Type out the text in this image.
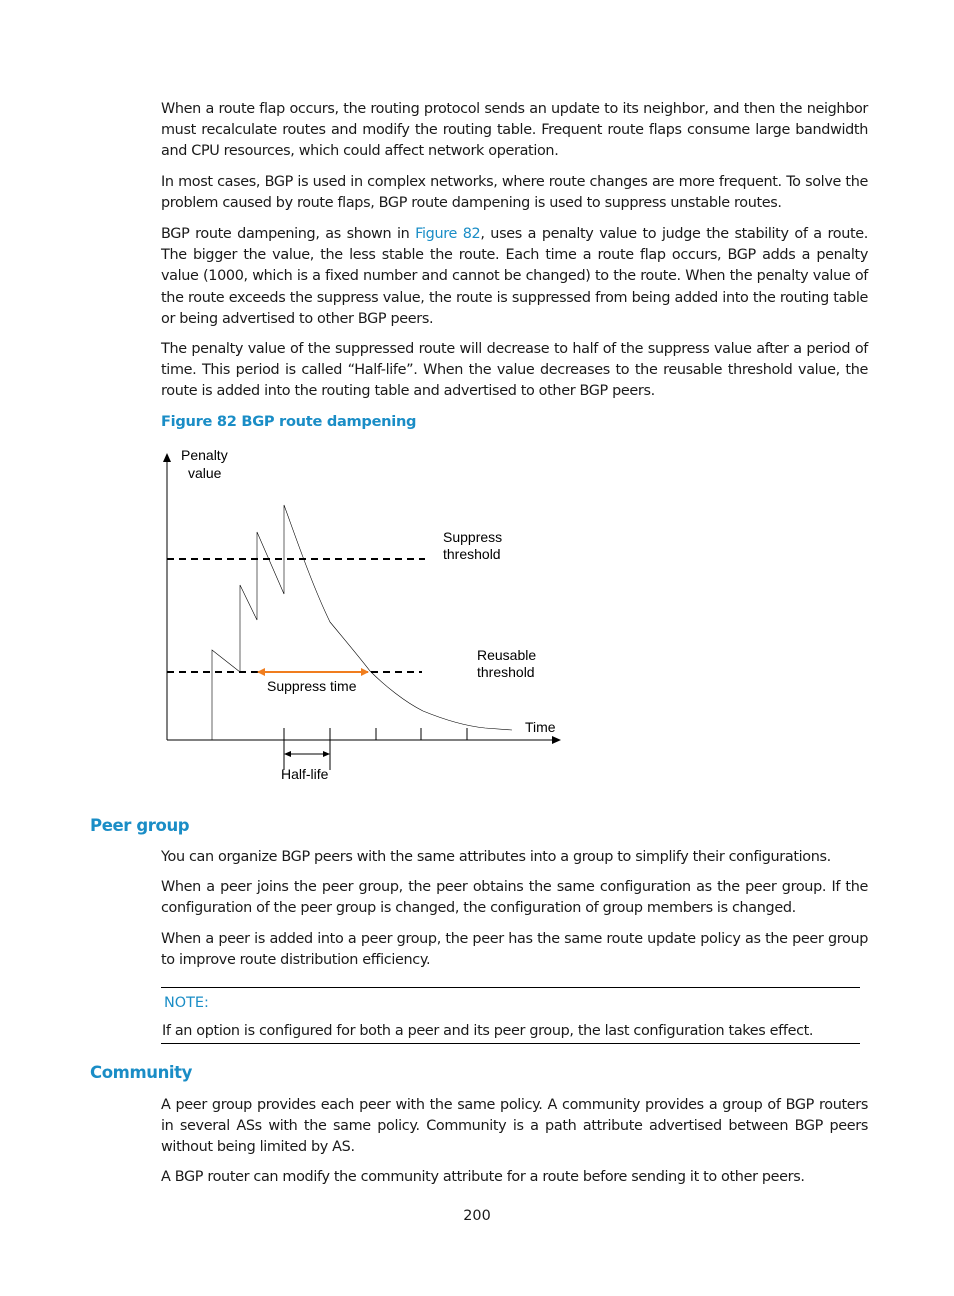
When a route flap occurs, the routing protocol sends an update to its neighbor, and then the neighbor must recalculate routes and modify the routing table. Frequent route flaps consume large bandwidth and CPU resources, which could affect network operation.

In most cases, BGP is used in complex networks, where route changes are more frequent. To solve the problem caused by route flaps, BGP route dampening is used to suppress unstable routes.

BGP route dampening, as shown in Figure 82, uses a penalty value to judge the stability of a route. The bigger the value, the less stable the route. Each time a route flap occurs, BGP adds a penalty value (1000, which is a fixed number and cannot be changed) to the route. When the penalty value of the route exceeds the suppress value, the route is suppressed from being added into the routing table or being advertised to other BGP peers.

The penalty value of the suppressed route will decrease to half of the suppress value after a period of time. This period is called “Half-life”. When the value decreases to the reusable threshold value, the route is added into the routing table and advertised to other BGP peers.

Figure 82 BGP route dampening

Penalty
value
Suppress
threshold
Reusable
threshold
Suppress time
Time
Half-life
Peer group

You can organize BGP peers with the same attributes into a group to simplify their configurations.

When a peer joins the peer group, the peer obtains the same configuration as the peer group. If the configuration of the peer group is changed, the configuration of group members is changed.

When a peer is added into a peer group, the peer has the same route update policy as the peer group to improve route distribution efficiency.

NOTE:
If an option is configured for both a peer and its peer group, the last configuration takes effect.
Community

A peer group provides each peer with the same policy. A community provides a group of BGP routers in several ASs with the same policy. Community is a path attribute advertised between BGP peers without being limited by AS.

A BGP router can modify the community attribute for a route before sending it to other peers.

200
